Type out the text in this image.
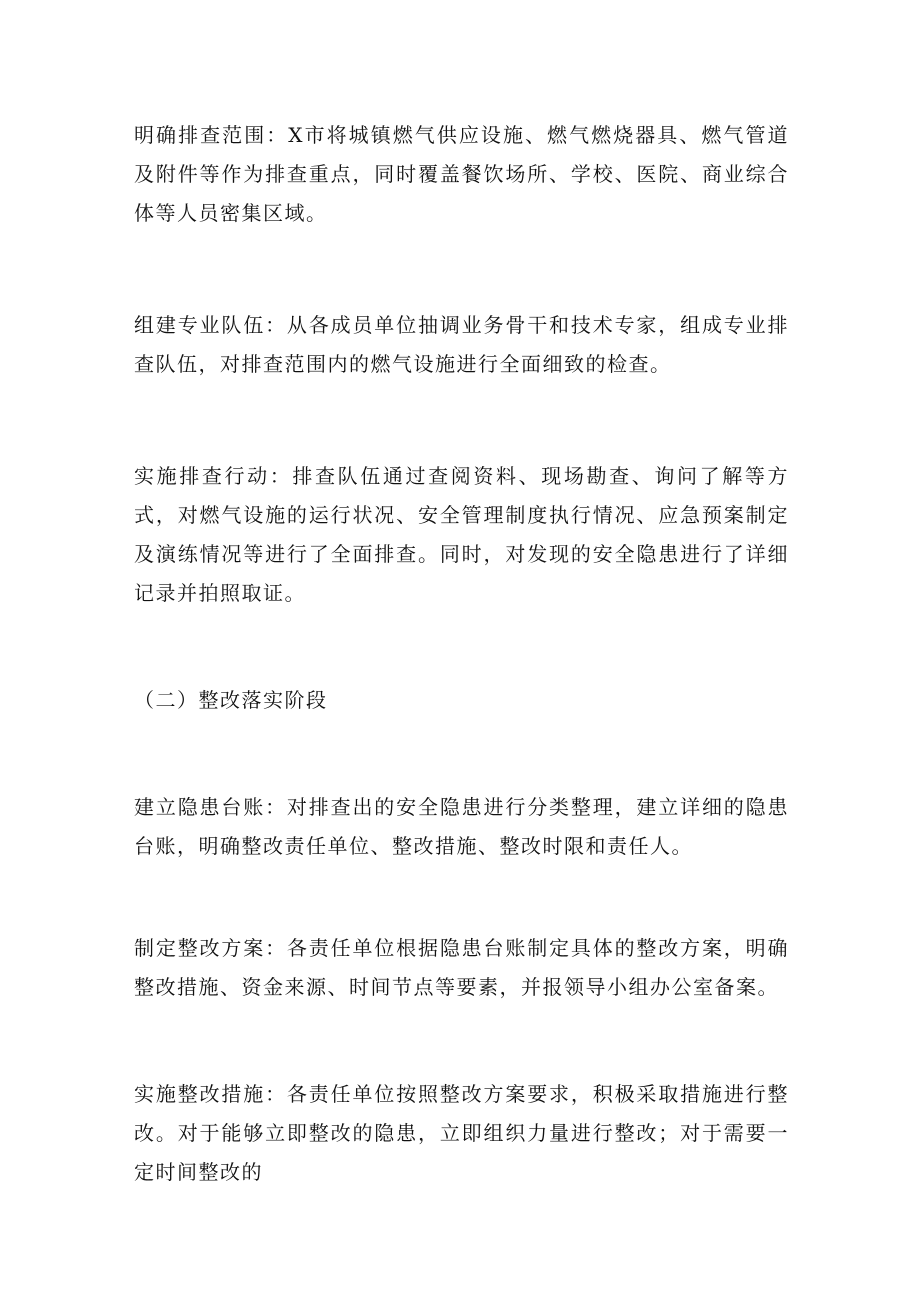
明确排查范围：X市将城镇燃气供应设施、燃气燃烧器具、燃气管道及附件等作为排查重点，同时覆盖餐饮场所、学校、医院、商业综合体等人员密集区域。

组建专业队伍：从各成员单位抽调业务骨干和技术专家，组成专业排查队伍，对排查范围内的燃气设施进行全面细致的检查。

实施排查行动：排查队伍通过查阅资料、现场勘查、询问了解等方式，对燃气设施的运行状况、安全管理制度执行情况、应急预案制定及演练情况等进行了全面排查。同时，对发现的安全隐患进行了详细记录并拍照取证。

（二）整改落实阶段

建立隐患台账：对排查出的安全隐患进行分类整理，建立详细的隐患台账，明确整改责任单位、整改措施、整改时限和责任人。

制定整改方案：各责任单位根据隐患台账制定具体的整改方案，明确整改措施、资金来源、时间节点等要素，并报领导小组办公室备案。

实施整改措施：各责任单位按照整改方案要求，积极采取措施进行整改。对于能够立即整改的隐患，立即组织力量进行整改；对于需要一定时间整改的
